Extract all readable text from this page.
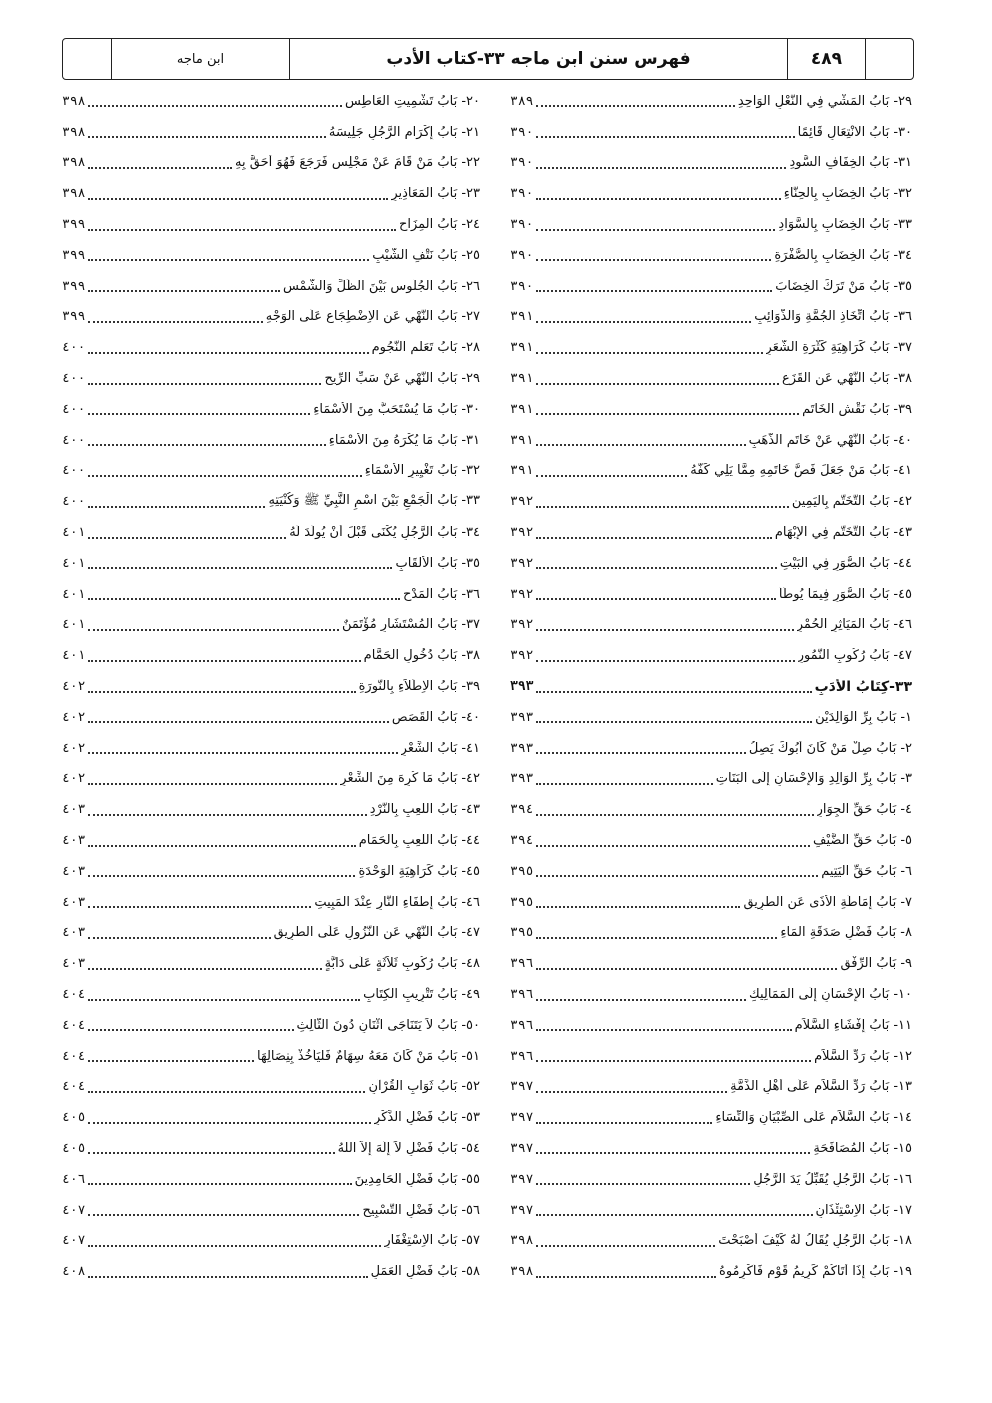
ابن ماجه	فهرس سنن ابن ماجه ٣٣-كتاب الأدب	٤٨٩
٢٩- بَابُ الْمَشْيِ فِي النَّعْلِ الْوَاحِدِ
٣٨٩
٣٠- بَابُ الانْتِعَالِ قَائِمًا
٣٩٠
٣١- بَابُ الْخِفَافِ السُّودِ
٣٩٠
٣٢- بَابُ الْخِضَابِ بِالْحِنَّاءِ
٣٩٠
٣٣- بَابُ الْخِضَابِ بِالسَّوَادِ
٣٩٠
٣٤- بَابُ الْخِضَابِ بِالصُّفْرَةِ
٣٩٠
٣٥- بَابُ مَنْ تَرَكَ الْخِضَابَ
٣٩٠
٣٦- بَابُ اتِّخَاذِ الْجُمَّةِ وَالذَّوَائِبِ
٣٩١
٣٧- بَابُ كَرَاهِيَةِ كَثْرَةِ الشَّعَرِ
٣٩١
٣٨- بَابُ النَّهْيِ عَنِ الْقَزَعِ
٣٩١
٣٩- بَابُ نَقْشِ الْخَاتَمِ
٣٩١
٤٠- بَابُ النَّهْيِ عَنْ خَاتَمِ الذَّهَبِ
٣٩١
٤١- بَابُ مَنْ جَعَلَ فَصَّ خَاتَمِهِ مِمَّا يَلِي كَفَّهُ
٣٩١
٤٢- بَابُ التَّخَتُّمِ بِالْيَمِينِ
٣٩٢
٤٣- بَابُ التَّخَتُّمِ فِي الإِبْهَامِ
٣٩٢
٤٤- بَابُ الصُّوَرِ فِي الْبَيْتِ
٣٩٢
٤٥- بَابُ الصُّوَرِ فِيمَا يُوطَأُ
٣٩٢
٤٦- بَابُ الْمَيَاثِرِ الْحُمْرِ
٣٩٢
٤٧- بَابُ رُكُوبِ النُّمُورِ
٣٩٢
٣٣-كِتَابُ الأَدَبِ
٣٩٣
١- بَابُ بِرِّ الْوَالِدَيْنِ
٣٩٣
٢- بَابُ صِلْ مَنْ كَانَ أَبُوكَ يَصِلُ
٣٩٣
٣- بَابُ بِرِّ الْوَالِدِ وَالإِحْسَانِ إِلَى الْبَنَاتِ
٣٩٣
٤- بَابُ حَقِّ الْجِوَارِ
٣٩٤
٥- بَابُ حَقِّ الضَّيْفِ
٣٩٤
٦- بَابُ حَقِّ الْيَتِيمِ
٣٩٥
٧- بَابُ إِمَاطَةِ الأَذَى عَنِ الطَّرِيقِ
٣٩٥
٨- بَابُ فَضْلِ صَدَقَةِ الْمَاءِ
٣٩٥
٩- بَابُ الرِّفْقِ
٣٩٦
١٠- بَابُ الإِحْسَانِ إِلَى الْمَمَالِيكِ
٣٩٦
١١- بَابُ إِفْشَاءِ السَّلاَمِ
٣٩٦
١٢- بَابُ رَدِّ السَّلاَمِ
٣٩٦
١٣- بَابُ رَدِّ السَّلاَمِ عَلَى أَهْلِ الذِّمَّةِ
٣٩٧
١٤- بَابُ السَّلاَمِ عَلَى الصِّبْيَانِ وَالنِّسَاءِ
٣٩٧
١٥- بَابُ الْمُصَافَحَةِ
٣٩٧
١٦- بَابُ الرَّجُلِ يُقَبِّلُ يَدَ الرَّجُلِ
٣٩٧
١٧- بَابُ الاِسْتِئْذَانِ
٣٩٧
١٨- بَابُ الرَّجُلِ يُقَالُ لَهُ كَيْفَ أَصْبَحْتَ
٣٩٨
١٩- بَابُ إِذَا أَتَاكُمْ كَرِيمُ قَوْمٍ فَأَكْرِمُوهُ
٣٩٨
٢٠- بَابُ تَشْمِيتِ الْعَاطِسِ
٣٩٨
٢١- بَابُ إِكْرَامِ الرَّجُلِ جَلِيسَهُ
٣٩٨
٢٢- بَابُ مَنْ قَامَ عَنْ مَجْلِسٍ فَرَجَعَ فَهُوَ أَحَقُّ بِهِ
٣٩٨
٢٣- بَابُ الْمَعَاذِيرِ
٣٩٨
٢٤- بَابُ الْمِزَاحِ
٣٩٩
٢٥- بَابُ نَتْفِ الشَّيْبِ
٣٩٩
٢٦- بَابُ الْجُلُوسِ بَيْنَ الظِّلِّ وَالشَّمْسِ
٣٩٩
٢٧- بَابُ النَّهْيِ عَنِ الاِضْطِجَاعِ عَلَى الْوَجْهِ
٣٩٩
٢٨- بَابُ تَعَلُّمِ النُّجُومِ
٤٠٠
٢٩- بَابُ النَّهْيِ عَنْ سَبِّ الرِّيحِ
٤٠٠
٣٠- بَابُ مَا يُسْتَحَبُّ مِنَ الأَسْمَاءِ
٤٠٠
٣١- بَابُ مَا يُكْرَهُ مِنَ الأَسْمَاءِ
٤٠٠
٣٢- بَابُ تَغْيِيرِ الأَسْمَاءِ
٤٠٠
٣٣- بَابُ الْجَمْعِ بَيْنَ اسْمِ النَّبِيِّ ﷺ وَكُنْيَتِهِ
٤٠٠
٣٤- بَابُ الرَّجُلِ يُكْنَى قَبْلَ أَنْ يُولَدَ لَهُ
٤٠١
٣٥- بَابُ الأَلْقَابِ
٤٠١
٣٦- بَابُ الْمَدْحِ
٤٠١
٣٧- بَابُ الْمُسْتَشَارِ مُؤْتَمَنٌ
٤٠١
٣٨- بَابُ دُخُولِ الْحَمَّامِ
٤٠١
٣٩- بَابُ الاِطِّلاَءِ بِالنُّورَةِ
٤٠٢
٤٠- بَابُ الْقَصَصِ
٤٠٢
٤١- بَابُ الشِّعْرِ
٤٠٢
٤٢- بَابُ مَا كُرِهَ مِنَ الشِّعْرِ
٤٠٢
٤٣- بَابُ اللَّعِبِ بِالنَّرْدِ
٤٠٣
٤٤- بَابُ اللَّعِبِ بِالْحَمَامِ
٤٠٣
٤٥- بَابُ كَرَاهِيَةِ الْوَحْدَةِ
٤٠٣
٤٦- بَابُ إِطْفَاءِ النَّارِ عِنْدَ الْمَبِيتِ
٤٠٣
٤٧- بَابُ النَّهْيِ عَنِ النُّزُولِ عَلَى الطَّرِيقِ
٤٠٣
٤٨- بَابُ رُكُوبِ ثَلاَثَةٍ عَلَى دَابَّةٍ
٤٠٣
٤٩- بَابُ تَتْرِيبِ الْكِتَابِ
٤٠٤
٥٠- بَابُ لاَ يَتَنَاجَى اثْنَانِ دُونَ الثَّالِثِ
٤٠٤
٥١- بَابُ مَنْ كَانَ مَعَهُ سِهَامٌ فَلْيَأْخُذْ بِنِصَالِهَا
٤٠٤
٥٢- بَابُ ثَوَابِ الْقُرْآنِ
٤٠٤
٥٣- بَابُ فَضْلِ الذِّكْرِ
٤٠٥
٥٤- بَابُ فَضْلِ لاَ إِلَهَ إِلاَّ اللَّهُ
٤٠٥
٥٥- بَابُ فَضْلِ الْحَامِدِينَ
٤٠٦
٥٦- بَابُ فَضْلِ التَّسْبِيحِ
٤٠٧
٥٧- بَابُ الاِسْتِغْفَارِ
٤٠٧
٥٨- بَابُ فَضْلِ الْعَمَلِ
٤٠٨
